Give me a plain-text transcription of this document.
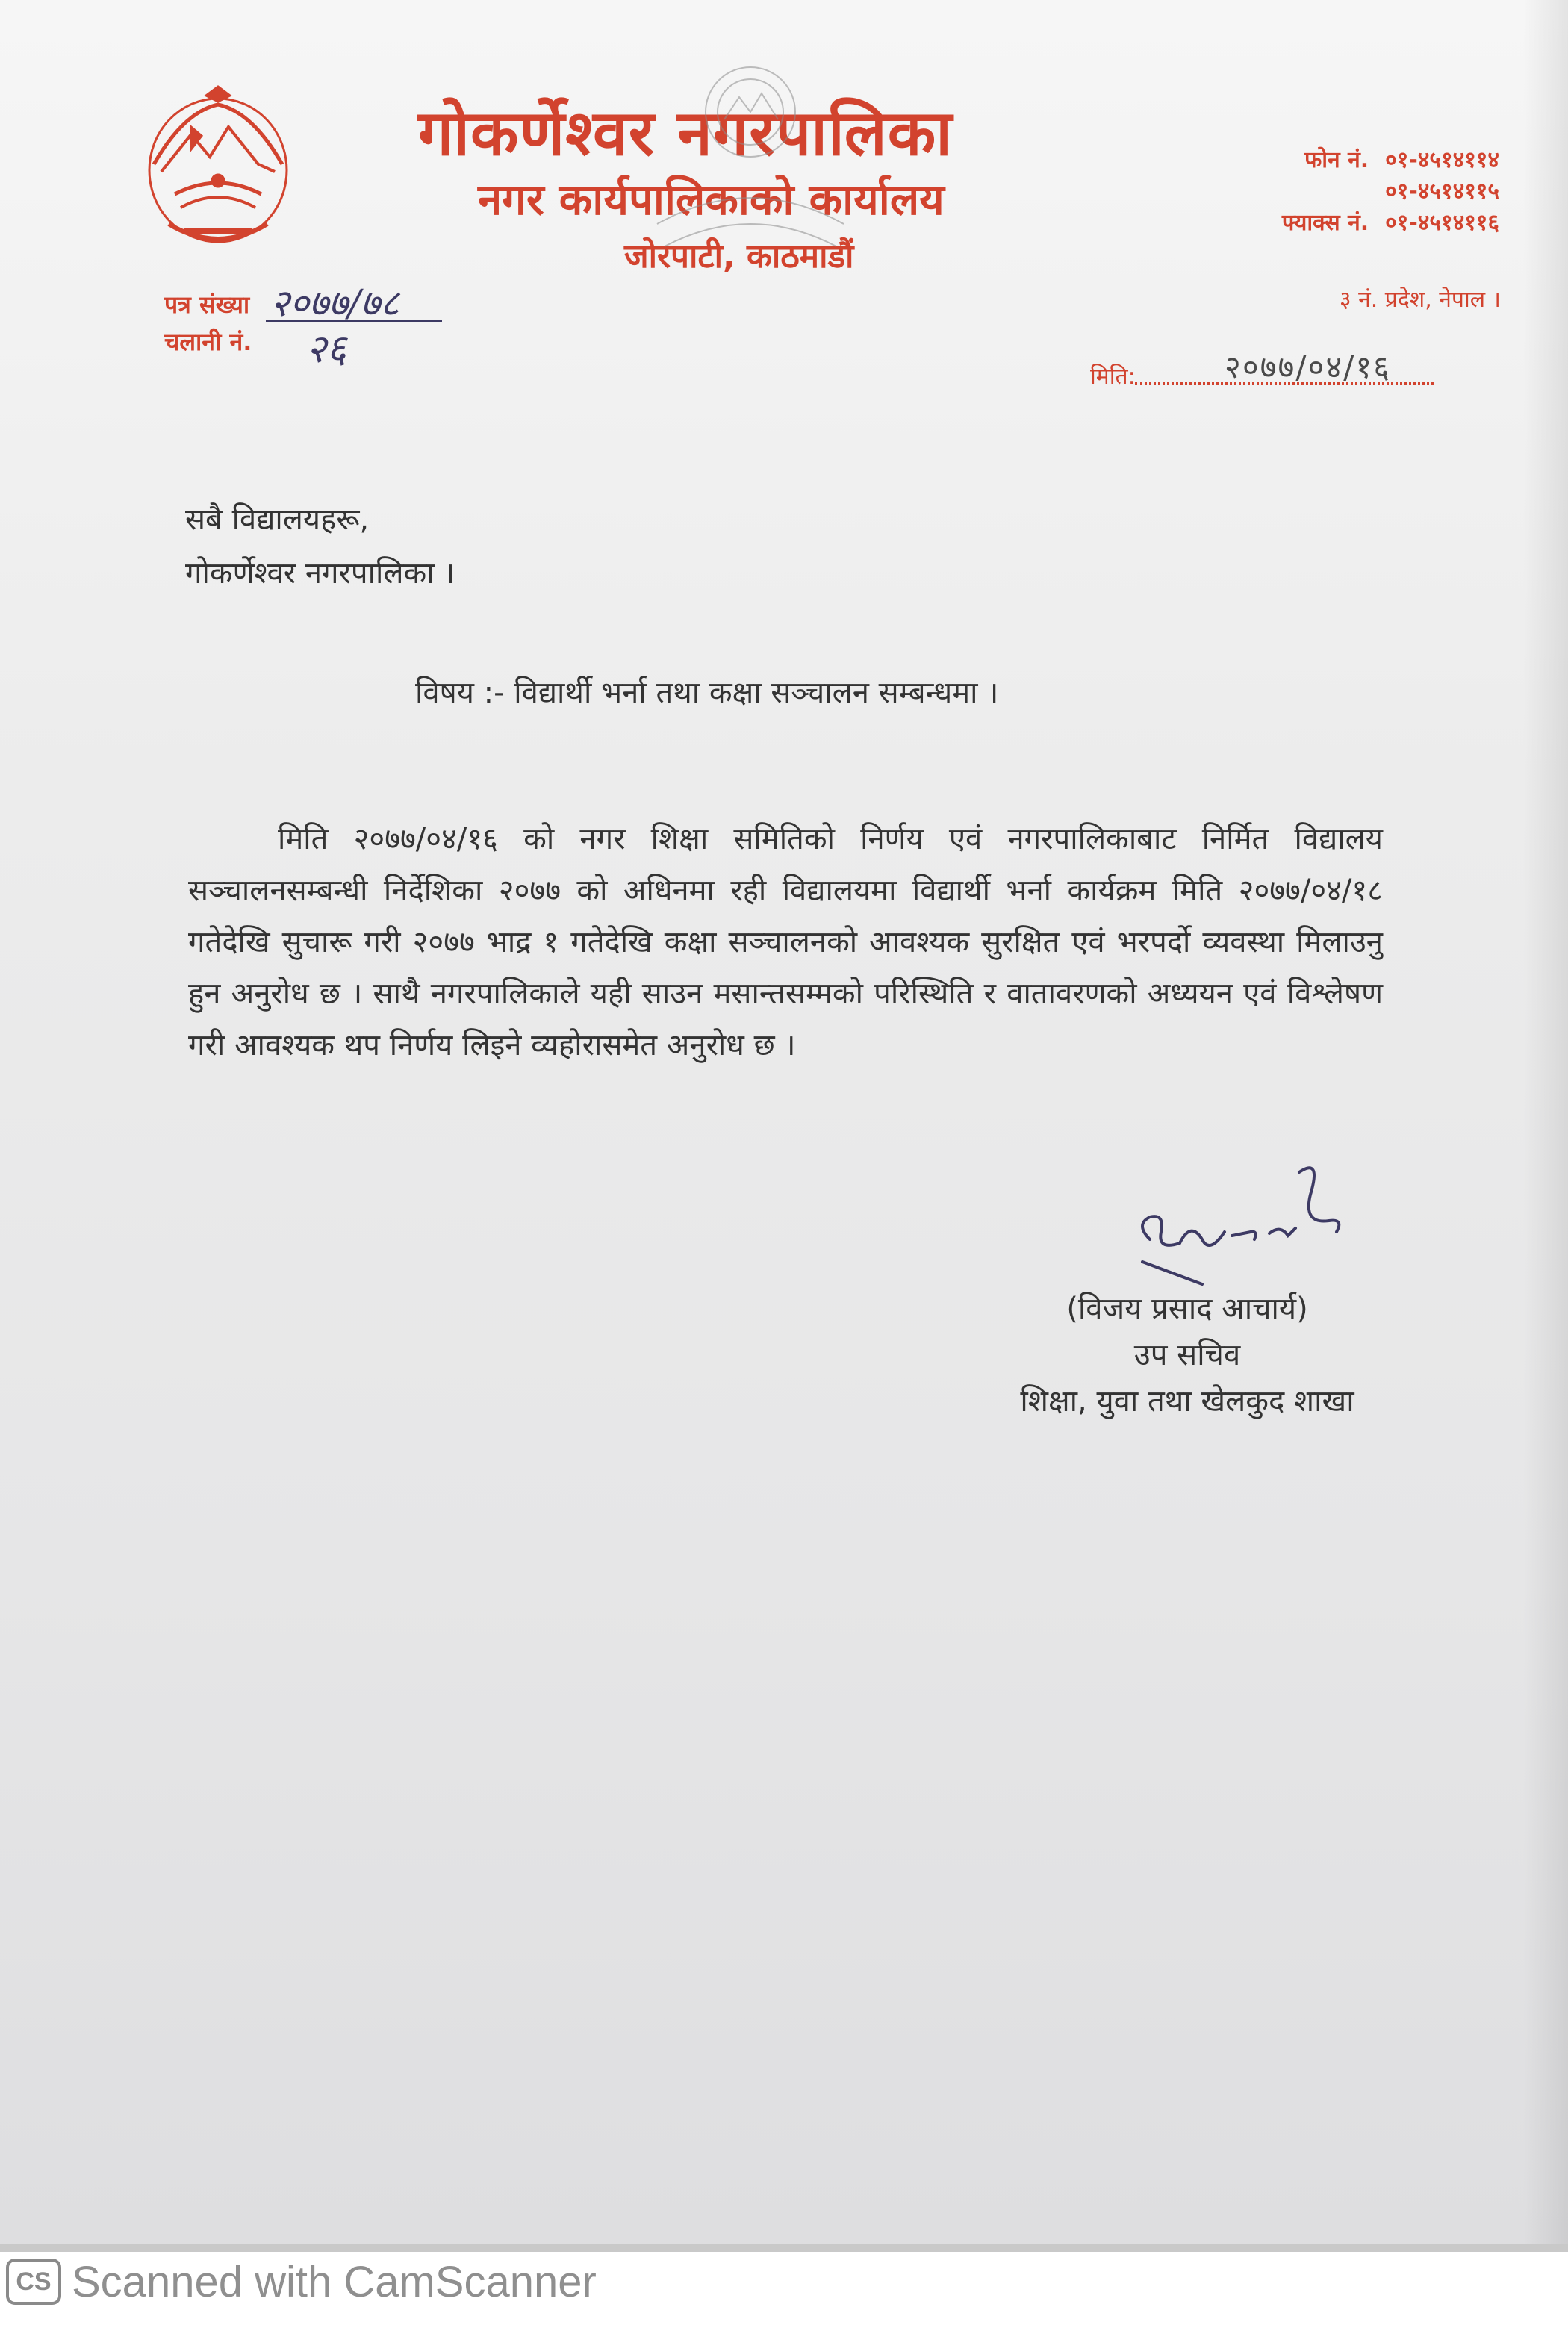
गोकर्णेश्वर नगरपालिका
नगर कार्यपालिकाको कार्यालय
जोरपाटी, काठमाडौं
फोन नं. ०१-४५१४११४
०१-४५१४११५
फ्याक्स नं. ०१-४५१४११६
३ नं. प्रदेश, नेपाल ।
पत्र संख्या २०७७/७८
चलानी नं. २६
मिति:	२०७७/०४/१६
सबै विद्यालयहरू,
गोकर्णेश्वर नगरपालिका ।
विषय :- विद्यार्थी भर्ना तथा कक्षा सञ्चालन सम्बन्धमा ।
मिति २०७७/०४/१६ को नगर शिक्षा समितिको निर्णय एवं नगरपालिकाबाट निर्मित विद्यालय सञ्चालनसम्बन्धी निर्देशिका २०७७ को अधिनमा रही विद्यालयमा विद्यार्थी भर्ना कार्यक्रम मिति २०७७/०४/१८ गतेदेखि सुचारू गरी २०७७ भाद्र १ गतेदेखि कक्षा सञ्चालनको आवश्यक सुरक्षित एवं भरपर्दो व्यवस्था मिलाउनु हुन अनुरोध छ । साथै नगरपालिकाले यही साउन मसान्तसम्मको परिस्थिति र वातावरणको अध्ययन एवं विश्लेषण गरी आवश्यक थप निर्णय लिइने व्यहोरासमेत अनुरोध छ ।
(विजय प्रसाद आचार्य)
उप सचिव
शिक्षा, युवा तथा खेलकुद शाखा
CS Scanned with CamScanner
